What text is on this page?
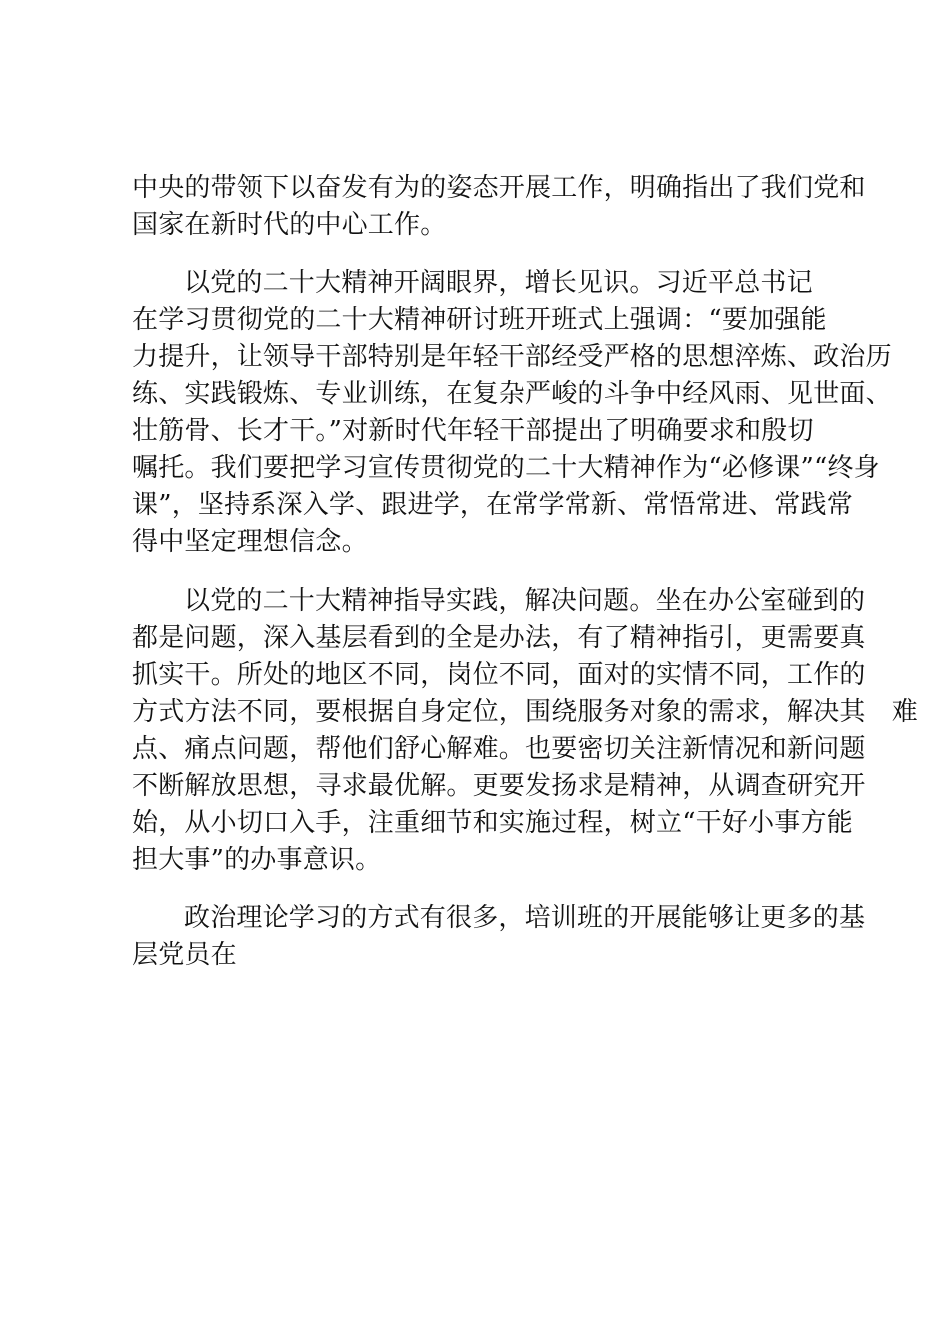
中央的带领下以奋发有为的姿态开展工作，明确指出了我们党和
国家在新时代的中心工作。
以党的二十大精神开阔眼界，增长见识。习近平总书记
在学习贯彻党的二十大精神研讨班开班式上强调：“要加强能
力提升，让领导干部特别是年轻干部经受严格的思想淬炼、政治历
练、实践锻炼、专业训练，在复杂严峻的斗争中经风雨、见世面、
壮筋骨、长才干。”对新时代年轻干部提出了明确要求和殷切
嘱托。我们要把学习宣传贯彻党的二十大精神作为“必修课”“终身
课”，坚持系深入学、跟进学，在常学常新、常悟常进、常践常
得中坚定理想信念。
以党的二十大精神指导实践，解决问题。坐在办公室碰到的
都是问题，深入基层看到的全是办法，有了精神指引，更需要真
抓实干。所处的地区不同，岗位不同，面对的实情不同，工作的
方式方法不同，要根据自身定位，围绕服务对象的需求，解决其　难
点、痛点问题，帮他们舒心解难。也要密切关注新情况和新问题
不断解放思想，寻求最优解。更要发扬求是精神，从调查研究开
始，从小切口入手，注重细节和实施过程，树立“干好小事方能
担大事”的办事意识。
政治理论学习的方式有很多，培训班的开展能够让更多的基
层党员在
